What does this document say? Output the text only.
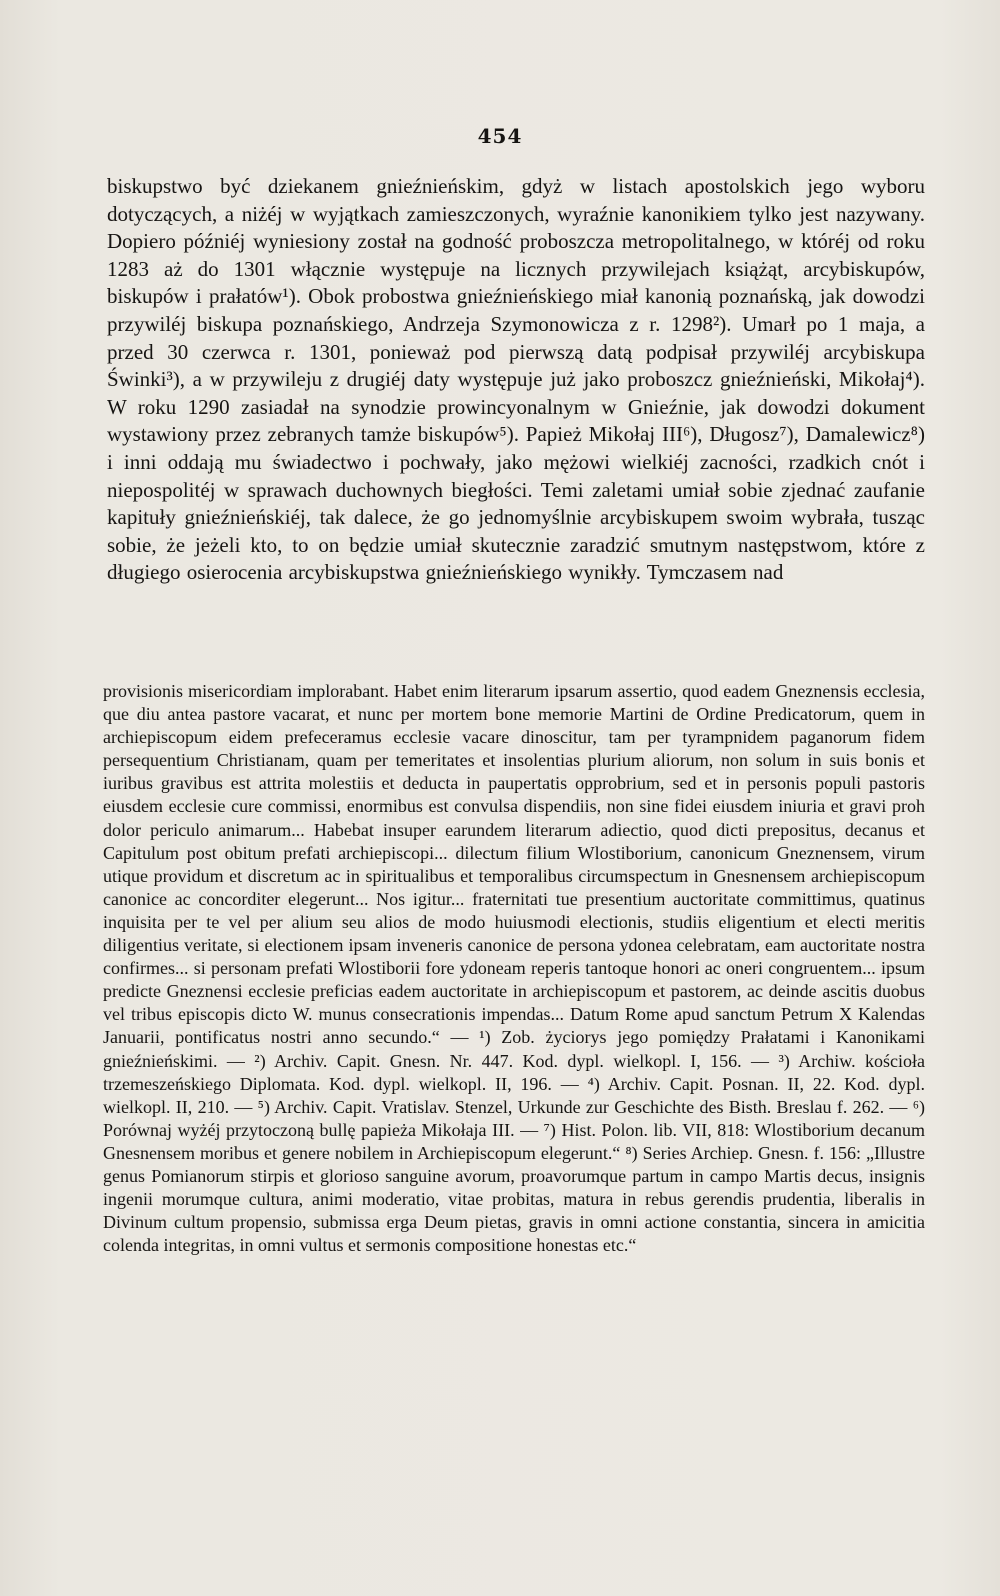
454

biskupstwo być dziekanem gnieźnieńskim, gdyż w listach apostolskich jego wyboru dotyczących, a niżéj w wyjątkach zamieszczonych, wyraźnie kanonikiem tylko jest nazywany. Dopiero późniéj wyniesiony został na godność proboszcza metropolitalnego, w któréj od roku 1283 aż do 1301 włącznie występuje na licznych przywilejach książąt, arcybiskupów, biskupów i prałatów¹). Obok probostwa gnieźnieńskiego miał kanonią poznańską, jak dowodzi przywiléj biskupa poznańskiego, Andrzeja Szymonowicza z r. 1298²). Umarł po 1 maja, a przed 30 czerwca r. 1301, ponieważ pod pierwszą datą podpisał przywiléj arcybiskupa Świnki³), a w przywileju z drugiéj daty występuje już jako proboszcz gnieźnieński, Mikołaj⁴). W roku 1290 zasiadał na synodzie prowincyonalnym w Gnieźnie, jak dowodzi dokument wystawiony przez zebranych tamże biskupów⁵). Papież Mikołaj III⁶), Długosz⁷), Damalewicz⁸) i inni oddają mu świadectwo i pochwały, jako mężowi wielkiéj zacności, rzadkich cnót i niepospolitéj w sprawach duchownych biegłości. Temi zaletami umiał sobie zjednać zaufanie kapituły gnieźnieńskiéj, tak dalece, że go jednomyślnie arcybiskupem swoim wybrała, tusząc sobie, że jeżeli kto, to on będzie umiał skutecznie zaradzić smutnym następstwom, które z długiego osierocenia arcybiskupstwa gnieźnieńskiego wynikły. Tymczasem nad

provisionis misericordiam implorabant. Habet enim literarum ipsarum assertio, quod eadem Gneznensis ecclesia, que diu antea pastore vacarat, et nunc per mortem bone memorie Martini de Ordine Predicatorum, quem in archiepiscopum eidem prefeceramus ecclesie vacare dinoscitur, tam per tyrampnidem paganorum fidem persequentium Christianam, quam per temeritates et insolentias plurium aliorum, non solum in suis bonis et iuribus gravibus est attrita molestiis et deducta in paupertatis opprobrium, sed et in personis populi pastoris eiusdem ecclesie cure commissi, enormibus est convulsa dispendiis, non sine fidei eiusdem iniuria et gravi proh dolor periculo animarum... Habebat insuper earundem literarum adiectio, quod dicti prepositus, decanus et Capitulum post obitum prefati archiepiscopi... dilectum filium Wlostiborium, canonicum Gneznensem, virum utique providum et discretum ac in spiritualibus et temporalibus circumspectum in Gnesnensem archiepiscopum canonice ac concorditer elegerunt... Nos igitur... fraternitati tue presentium auctoritate committimus, quatinus inquisita per te vel per alium seu alios de modo huiusmodi electionis, studiis eligentium et electi meritis diligentius veritate, si electionem ipsam inveneris canonice de persona ydonea celebratam, eam auctoritate nostra confirmes... si personam prefati Wlostiborii fore ydoneam reperis tantoque honori ac oneri congruentem... ipsum predicte Gneznensi ecclesie preficias eadem auctoritate in archiepiscopum et pastorem, ac deinde ascitis duobus vel tribus episcopis dicto W. munus consecrationis impendas... Datum Rome apud sanctum Petrum X Kalendas Januarii, pontificatus nostri anno secundo.“ — ¹) Zob. życiorys jego pomiędzy Prałatami i Kanonikami gnieźnieńskimi. — ²) Archiv. Capit. Gnesn. Nr. 447. Kod. dypl. wielkopl. I, 156. — ³) Archiw. kościoła trzemeszeńskiego Diplomata. Kod. dypl. wielkopl. II, 196. — ⁴) Archiv. Capit. Posnan. II, 22. Kod. dypl. wielkopl. II, 210. — ⁵) Archiv. Capit. Vratislav. Stenzel, Urkunde zur Geschichte des Bisth. Breslau f. 262. — ⁶) Porównaj wyżéj przytoczoną bullę papieża Mikołaja III. — ⁷) Hist. Polon. lib. VII, 818: Wlostiborium decanum Gnesnensem moribus et genere nobilem in Archiepiscopum elegerunt.“ ⁸) Series Archiep. Gnesn. f. 156: „Illustre genus Pomianorum stirpis et glorioso sanguine avorum, proavorumque partum in campo Martis decus, insignis ingenii morumque cultura, animi moderatio, vitae probitas, matura in rebus gerendis prudentia, liberalis in Divinum cultum propensio, submissa erga Deum pietas, gravis in omni actione constantia, sincera in amicitia colenda integritas, in omni vultus et sermonis compositione honestas etc.“
